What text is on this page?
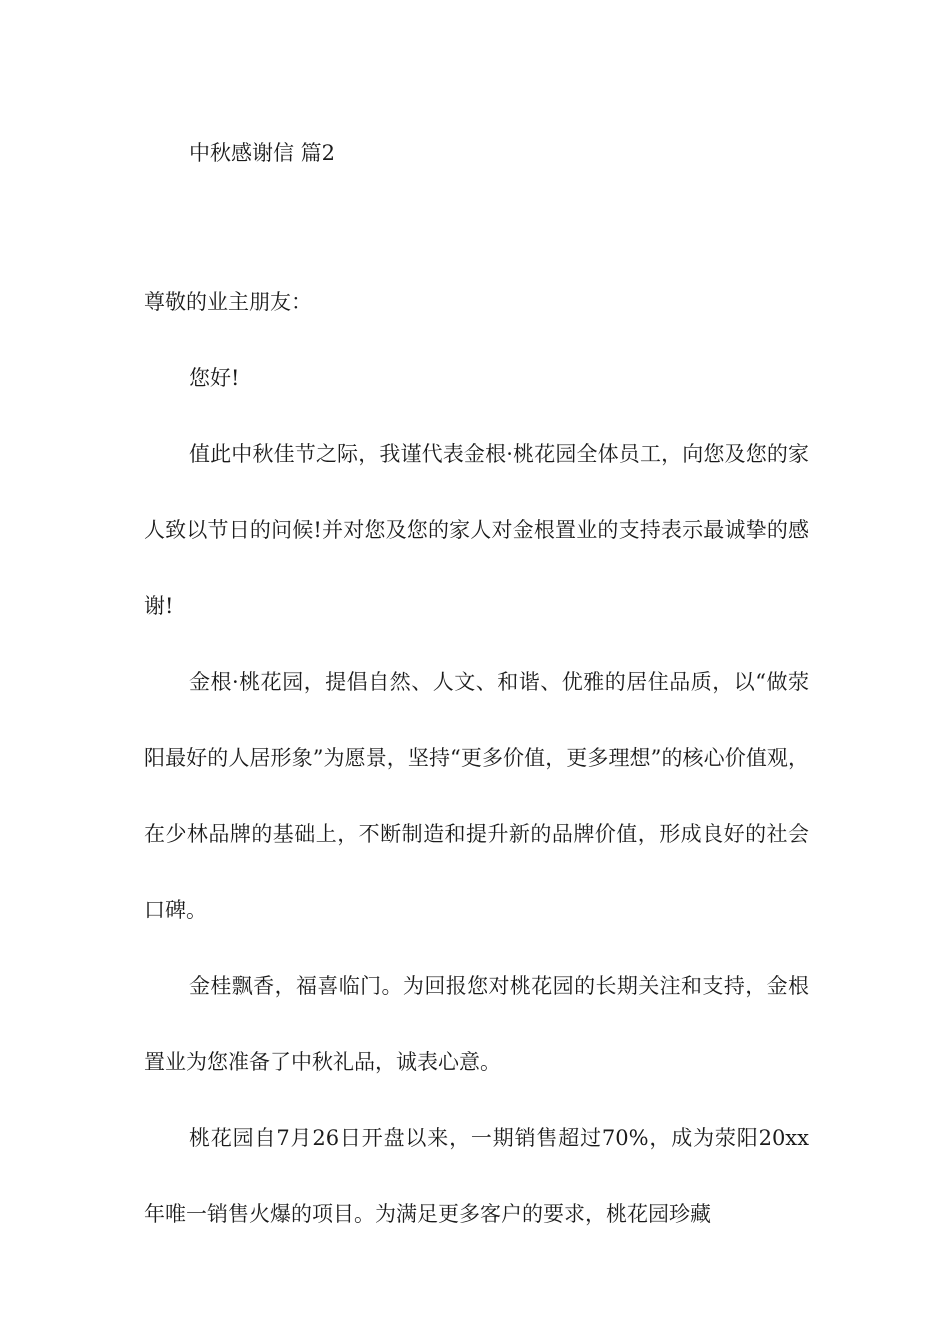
中秋感谢信 篇2

尊敬的业主朋友：

您好!

值此中秋佳节之际，我谨代表金根·桃花园全体员工，向您及您的家人致以节日的问候!并对您及您的家人对金根置业的支持表示最诚挚的感谢!

金根·桃花园，提倡自然、人文、和谐、优雅的居住品质，以“做荥阳最好的人居形象”为愿景，坚持“更多价值，更多理想”的核心价值观，在少林品牌的基础上，不断制造和提升新的品牌价值，形成良好的社会口碑。

金桂飘香，福喜临门。为回报您对桃花园的长期关注和支持，金根置业为您准备了中秋礼品，诚表心意。

桃花园自7月26日开盘以来，一期销售超过70%，成为荥阳20xx年唯一销售火爆的项目。为满足更多客户的要求，桃花园珍藏
